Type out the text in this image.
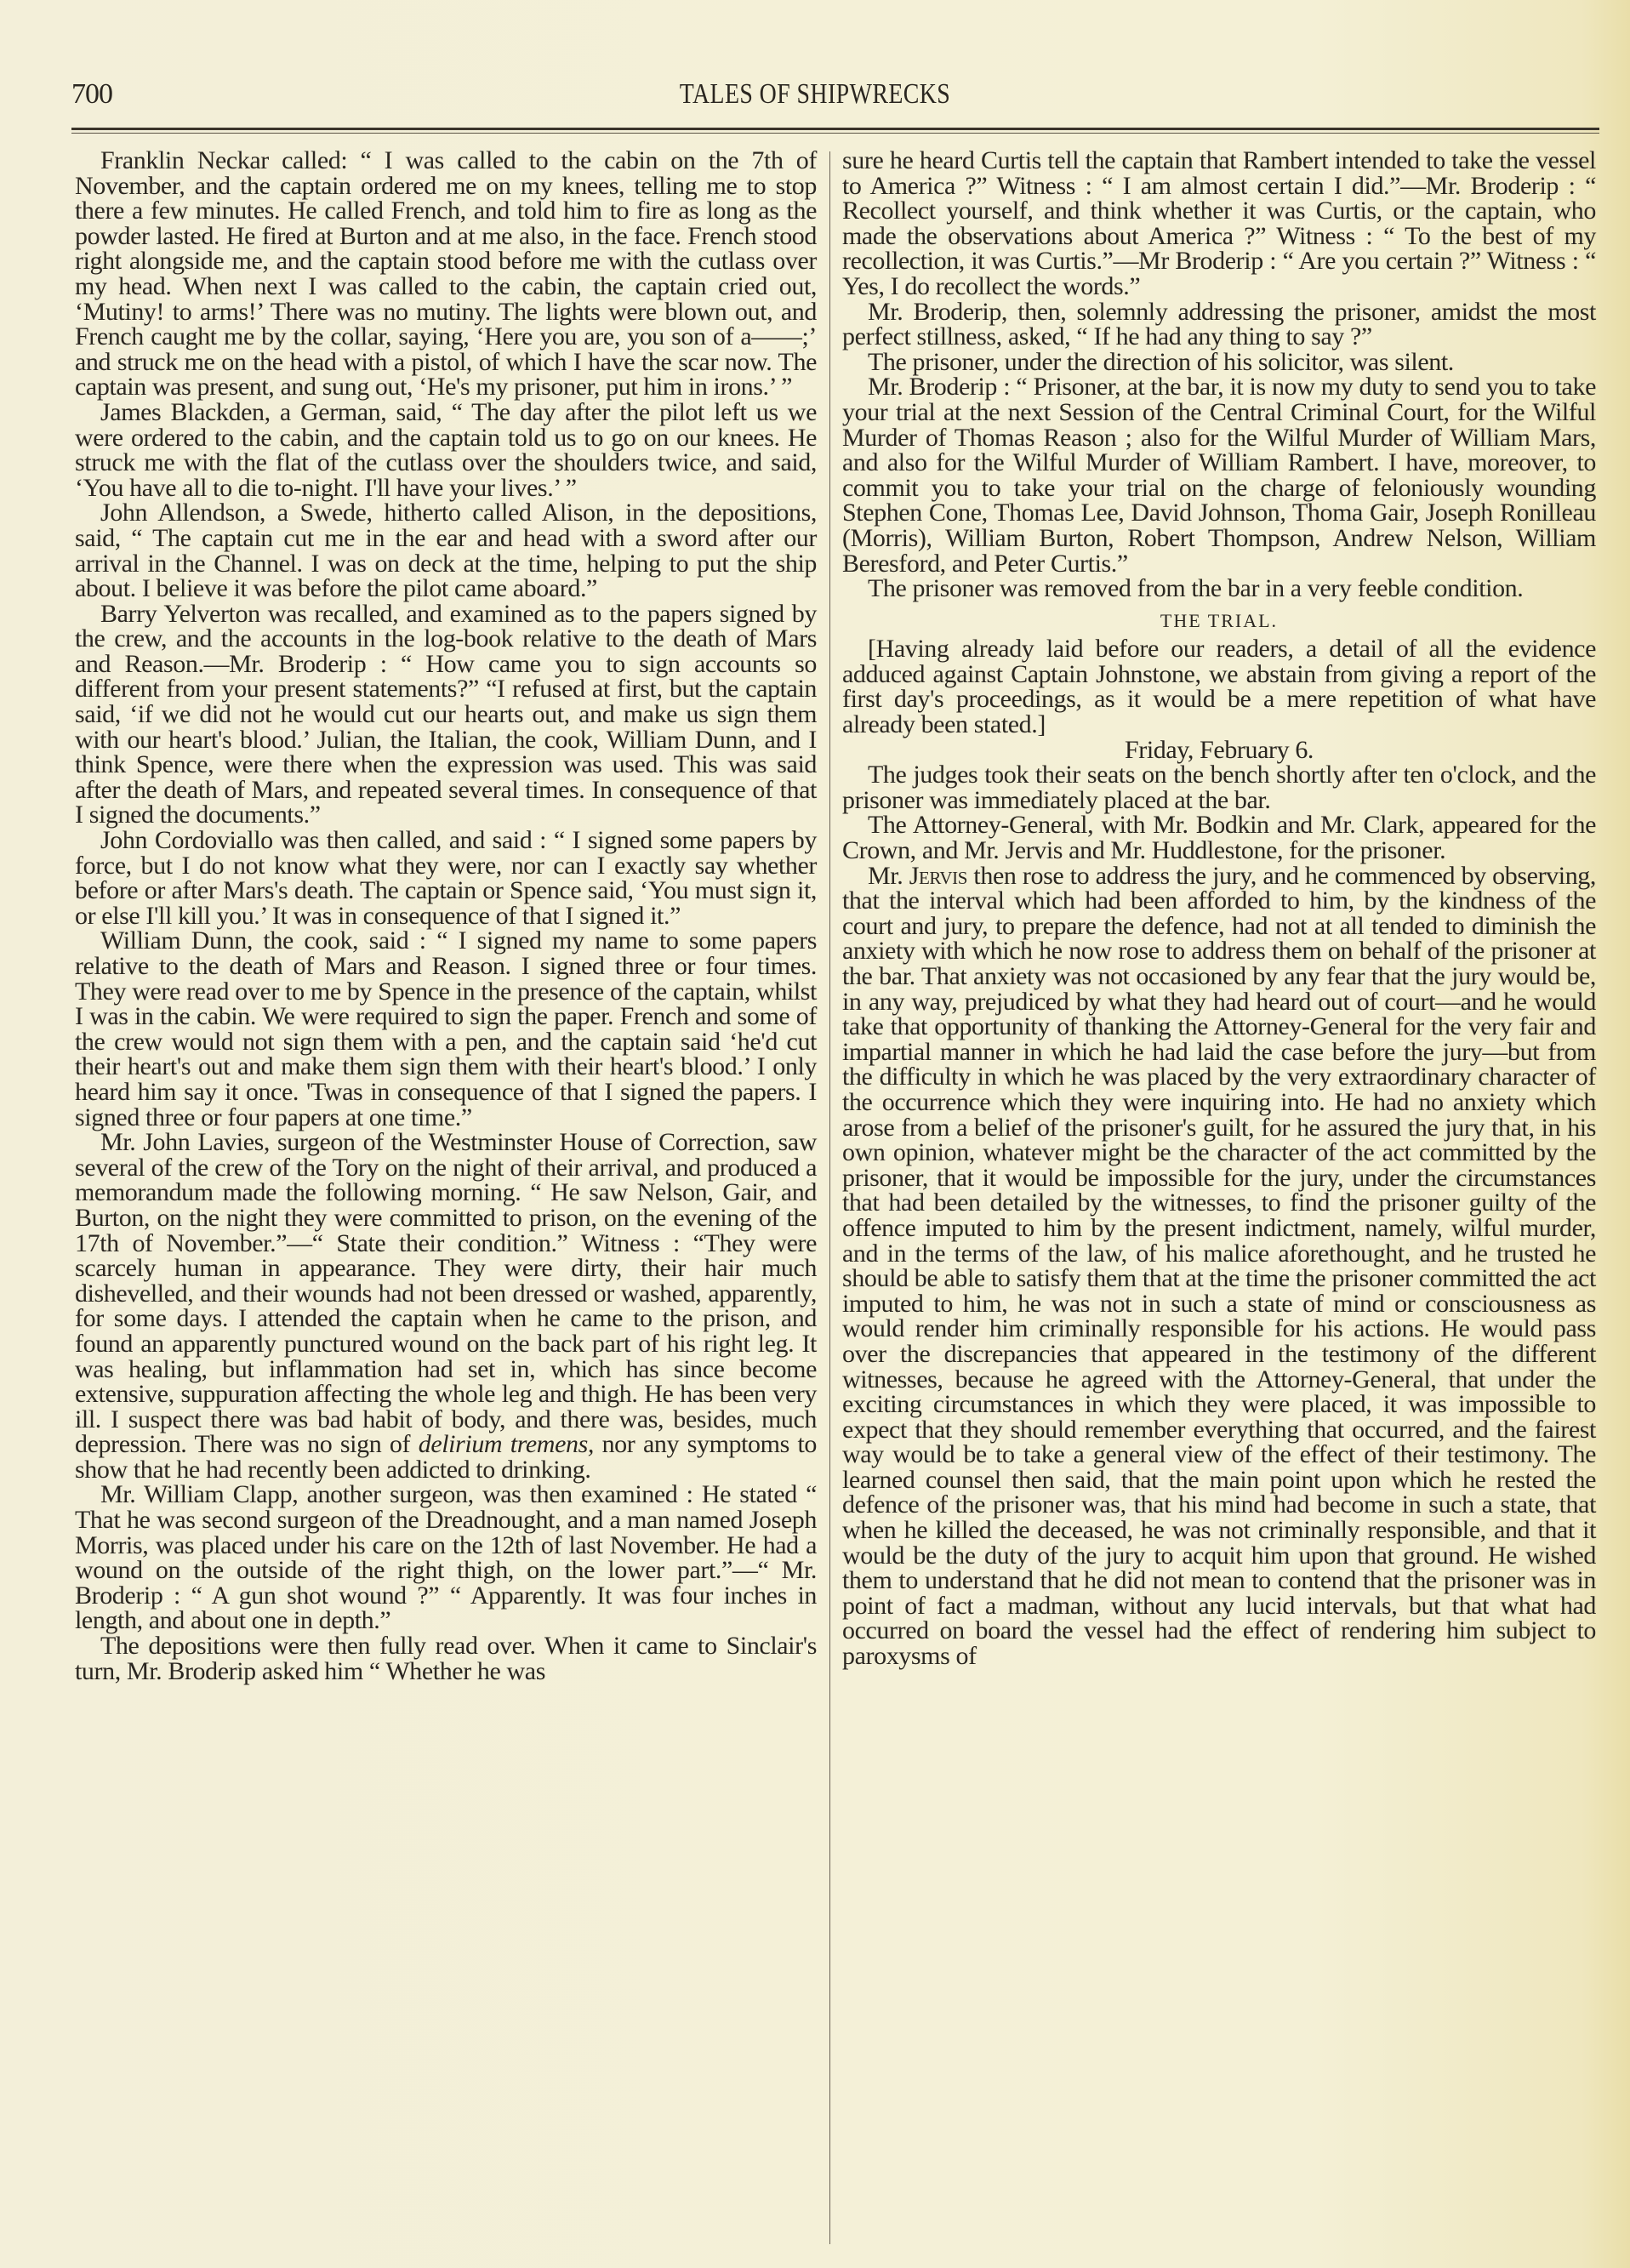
700	TALES OF SHIPWRECKS

Franklin Neckar called: “ I was called to the cabin on the 7th of November, and the captain ordered me on my knees, telling me to stop there a few minutes. He called French, and told him to fire as long as the powder lasted. He fired at Burton and at me also, in the face. French stood right alongside me, and the captain stood before me with the cutlass over my head. When next I was called to the cabin, the captain cried out, ‘Mutiny! to arms!’ There was no mutiny. The lights were blown out, and French caught me by the collar, saying, ‘Here you are, you son of a——;’ and struck me on the head with a pistol, of which I have the scar now. The captain was present, and sung out, ‘He's my prisoner, put him in irons.’ ”

James Blackden, a German, said, “ The day after the pilot left us we were ordered to the cabin, and the captain told us to go on our knees. He struck me with the flat of the cutlass over the shoulders twice, and said, ‘You have all to die to-night. I'll have your lives.’ ”

John Allendson, a Swede, hitherto called Alison, in the depositions, said, “ The captain cut me in the ear and head with a sword after our arrival in the Channel. I was on deck at the time, helping to put the ship about. I believe it was before the pilot came aboard.”

Barry Yelverton was recalled, and examined as to the papers signed by the crew, and the accounts in the log-book relative to the death of Mars and Reason.—Mr. Broderip : “ How came you to sign accounts so different from your present statements?” “I refused at first, but the captain said, ‘if we did not he would cut our hearts out, and make us sign them with our heart's blood.’ Julian, the Italian, the cook, William Dunn, and I think Spence, were there when the expression was used. This was said after the death of Mars, and repeated several times. In consequence of that I signed the documents.”

John Cordoviallo was then called, and said : “ I signed some papers by force, but I do not know what they were, nor can I exactly say whether before or after Mars's death. The captain or Spence said, ‘You must sign it, or else I'll kill you.’ It was in consequence of that I signed it.”

William Dunn, the cook, said : “ I signed my name to some papers relative to the death of Mars and Reason. I signed three or four times. They were read over to me by Spence in the presence of the captain, whilst I was in the cabin. We were required to sign the paper. French and some of the crew would not sign them with a pen, and the captain said ‘he'd cut their heart's out and make them sign them with their heart's blood.’ I only heard him say it once. 'Twas in consequence of that I signed the papers. I signed three or four papers at one time.”

Mr. John Lavies, surgeon of the Westminster House of Correction, saw several of the crew of the Tory on the night of their arrival, and produced a memorandum made the following morning. “ He saw Nelson, Gair, and Burton, on the night they were committed to prison, on the evening of the 17th of November.”—“ State their condition.” Witness : “They were scarcely human in appearance. They were dirty, their hair much dishevelled, and their wounds had not been dressed or washed, apparently, for some days. I attended the captain when he came to the prison, and found an apparently punctured wound on the back part of his right leg. It was healing, but inflammation had set in, which has since become extensive, suppuration affecting the whole leg and thigh. He has been very ill. I suspect there was bad habit of body, and there was, besides, much depression. There was no sign of delirium tremens, nor any symptoms to show that he had recently been addicted to drinking.

Mr. William Clapp, another surgeon, was then examined : He stated “ That he was second surgeon of the Dreadnought, and a man named Joseph Morris, was placed under his care on the 12th of last November. He had a wound on the outside of the right thigh, on the lower part.”—“ Mr. Broderip : “ A gun shot wound ?” “ Apparently. It was four inches in length, and about one in depth.”

The depositions were then fully read over. When it came to Sinclair's turn, Mr. Broderip asked him “ Whether he was

sure he heard Curtis tell the captain that Rambert intended to take the vessel to America ?” Witness : “ I am almost certain I did.”—Mr. Broderip : “ Recollect yourself, and think whether it was Curtis, or the captain, who made the observations about America ?” Witness : “ To the best of my recollection, it was Curtis.”—Mr Broderip : “ Are you certain ?” Witness : “ Yes, I do recollect the words.”

Mr. Broderip, then, solemnly addressing the prisoner, amidst the most perfect stillness, asked, “ If he had any thing to say ?”

The prisoner, under the direction of his solicitor, was silent.

Mr. Broderip : “ Prisoner, at the bar, it is now my duty to send you to take your trial at the next Session of the Central Criminal Court, for the Wilful Murder of Thomas Reason ; also for the Wilful Murder of William Mars, and also for the Wilful Murder of William Rambert. I have, moreover, to commit you to take your trial on the charge of feloniously wounding Stephen Cone, Thomas Lee, David Johnson, Thoma Gair, Joseph Ronilleau (Morris), William Burton, Robert Thompson, Andrew Nelson, William Beresford, and Peter Curtis.”

The prisoner was removed from the bar in a very feeble condition.

THE TRIAL.

[Having already laid before our readers, a detail of all the evidence adduced against Captain Johnstone, we abstain from giving a report of the first day's proceedings, as it would be a mere repetition of what have already been stated.]

Friday, February 6.

The judges took their seats on the bench shortly after ten o'clock, and the prisoner was immediately placed at the bar.

The Attorney-General, with Mr. Bodkin and Mr. Clark, appeared for the Crown, and Mr. Jervis and Mr. Huddlestone, for the prisoner.

Mr. Jervis then rose to address the jury, and he commenced by observing, that the interval which had been afforded to him, by the kindness of the court and jury, to prepare the defence, had not at all tended to diminish the anxiety with which he now rose to address them on behalf of the prisoner at the bar. That anxiety was not occasioned by any fear that the jury would be, in any way, prejudiced by what they had heard out of court—and he would take that opportunity of thanking the Attorney-General for the very fair and impartial manner in which he had laid the case before the jury—but from the difficulty in which he was placed by the very extraordinary character of the occurrence which they were inquiring into. He had no anxiety which arose from a belief of the prisoner's guilt, for he assured the jury that, in his own opinion, whatever might be the character of the act committed by the prisoner, that it would be impossible for the jury, under the circumstances that had been detailed by the witnesses, to find the prisoner guilty of the offence imputed to him by the present indictment, namely, wilful murder, and in the terms of the law, of his malice aforethought, and he trusted he should be able to satisfy them that at the time the prisoner committed the act imputed to him, he was not in such a state of mind or consciousness as would render him criminally responsible for his actions. He would pass over the discrepancies that appeared in the testimony of the different witnesses, because he agreed with the Attorney-General, that under the exciting circumstances in which they were placed, it was impossible to expect that they should remember everything that occurred, and the fairest way would be to take a general view of the effect of their testimony. The learned counsel then said, that the main point upon which he rested the defence of the prisoner was, that his mind had become in such a state, that when he killed the deceased, he was not criminally responsible, and that it would be the duty of the jury to acquit him upon that ground. He wished them to understand that he did not mean to contend that the prisoner was in point of fact a madman, without any lucid intervals, but that what had occurred on board the vessel had the effect of rendering him subject to paroxysms of
